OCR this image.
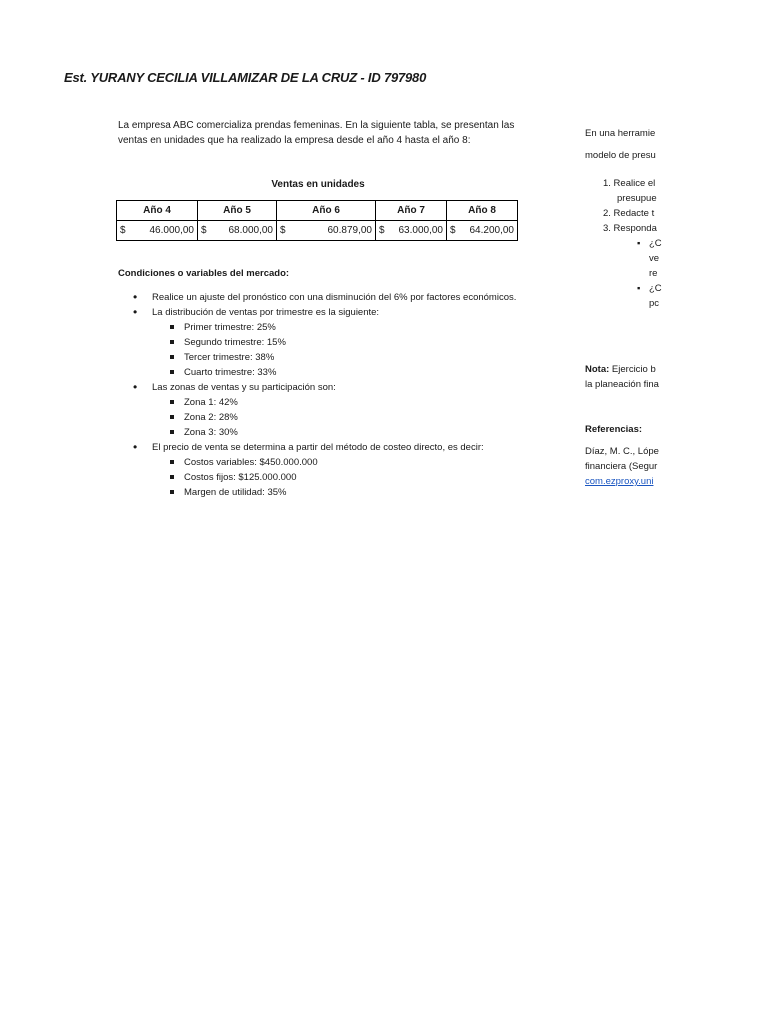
Est. YURANY CECILIA VILLAMIZAR DE LA CRUZ - ID 797980
La empresa ABC comercializa prendas femeninas. En la siguiente tabla, se presentan las ventas en unidades que ha realizado la empresa desde el año 4 hasta el año 8:
Ventas en unidades
Año 4	Año 5	Año 6	Año 7	Año 8

$ 46.000,00	$ 68.000,00	$ 60.879,00	$ 63.000,00	$ 64.200,00
Condiciones o variables del mercado:
• Realice un ajuste del pronóstico con una disminución del 6% por factores económicos.
• La distribución de ventas por trimestre es la siguiente:
Primer trimestre: 25%
Segundo trimestre: 15%
Tercer trimestre: 38%
Cuarto trimestre: 33%
• Las zonas de ventas y su participación son:
Zona 1: 42%
Zona 2: 28%
Zona 3: 30%
• El precio de venta se determina a partir del método de costeo directo, es decir:
Costos variables: $450.000.000
Costos fijos: $125.000.000
Margen de utilidad: 35%
En una herramie
modelo de presu
1. Realice el
presupue
2. Redacte t
3. Responda
▪ ¿C
ve
re
▪ ¿C
pc
Nota: Ejercicio b
la planeación fina
Referencias:
Díaz, M. C., Lópe
financiera (Segur
com.ezproxy.uni
